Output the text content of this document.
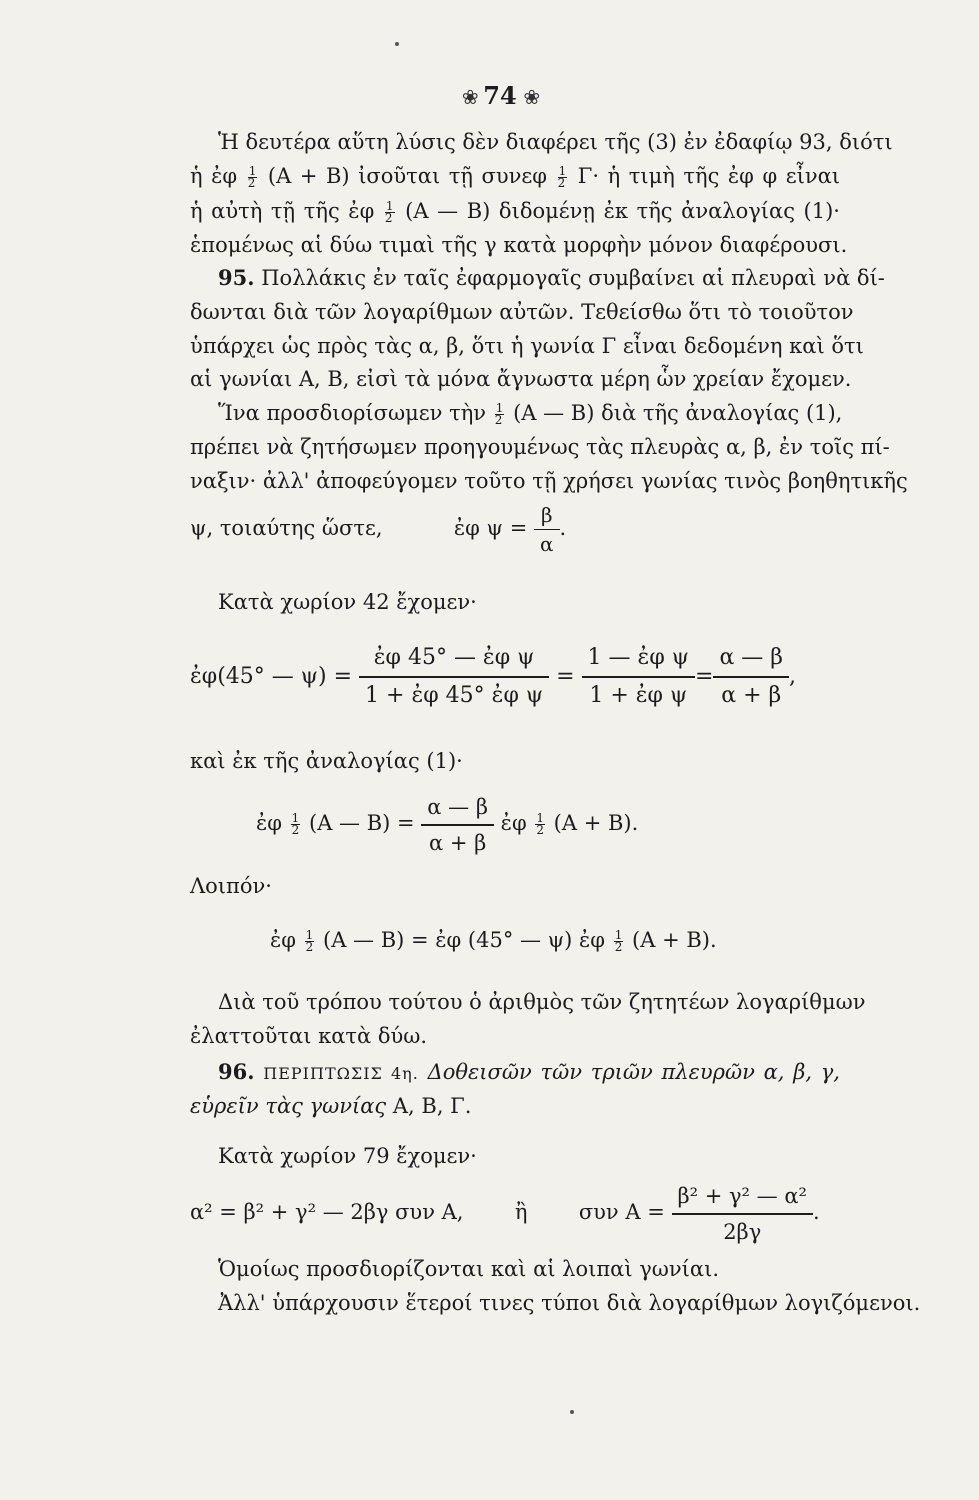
❀ 74 ❀
Ἡ δευτέρα αὕτη λύσις δὲν διαφέρει τῆς (3) ἐν ἐδαφίῳ 93, διότι
ἡ ἐφ $\frac{1}{2} (A + B)$ ἰσοῦται τῇ συνεφ $\frac{1}{2} \Gamma\cdot$ ἡ τιμὴ τῆς ἐφ φ εἶναι
ἡ αὐτὴ τῇ τῆς ἐφ $\frac{1}{2} (A$ — Β) διδομένῃ ἐκ τῆς ἀναλογίας (1)·
ἑπομένως αἱ δύω τιμαὶ τῆς γ κατὰ μορφὴν μόνον διαφέρουσι.
95. Πολλάκις ἐν ταῖς ἐφαρμογαῖς συμβαίνει αἱ πλευραὶ νὰ δί-
δωνται διὰ τῶν λογαρίθμων αὐτῶν. Τεθείσθω ὅτι τὸ τοιοῦτον
ὑπάρχει ὡς πρὸς τὰς α, β, ὅτι ἡ γωνία Γ εἶναι δεδομένη καὶ ὅτι
αἱ γωνίαι Α, Β, εἰσὶ τὰ μόνα ἄγνωστα μέρη ὧν χρείαν ἔχομεν.
Ἵνα προσδιορίσωμεν τὴν $\frac{1}{2} (A$ — Β) διὰ τῆς ἀναλογίας (1),
πρέπει νὰ ζητήσωμεν προηγουμένως τὰς πλευρὰς α, β, ἐν τοῖς πί-
ναξιν· ἀλλ' ἀποφεύγομεν τοῦτο τῇ χρήσει γωνίας τινὸς βοηθητικῆς
ψ, τοιαύτης ὥστε,	ἐφ $\psi = \frac{\beta}{\alpha}$ .
Κατὰ χωρίον 42 ἔχομεν·
ἐφ(45° — $\psi) = \frac{\text{ἐφ 45° — ἐφ ψ}}{\text{1 + ἐφ 45° ἐφ ψ}} = \frac{\text{1 — ἐφ ψ}}{\text{1 + ἐφ ψ}} = \frac{\alpha — \beta}{\alpha + \beta}$ ,
καὶ ἐκ τῆς ἀναλογίας (1)·
ἐφ $\frac{1}{2} (A$ — $B) = \frac{\alpha — \beta}{\alpha + \beta}$ ἐφ $\frac{1}{2} (A + B)$.
Λοιπόν·
ἐφ $\frac{1}{2} (A$ — Β) = ἐφ (45° — ψ) ἐφ $\frac{1}{2} (A + B)$.
Διὰ τοῦ τρόπου τούτου ὁ ἀριθμὸς τῶν ζητητέων λογαρίθμων
ἐλαττοῦται κατὰ δύω.
96. ΠΕΡΙΠΤΩΣΙΣ 4η. Δοθεισῶν τῶν τριῶν πλευρῶν α, β, γ,
εὑρεῖν τὰς γωνίας Α, Β, Γ.
Κατὰ χωρίον 79 ἔχομεν·
α² = β² + γ² — 2βγ συν Α, ἢ συν $A = \frac{\text{β² + γ² — α²}}{2\beta\gamma}$ .
Ὁμοίως προσδιορίζονται καὶ αἱ λοιπαὶ γωνίαι.
Ἀλλ' ὑπάρχουσιν ἕτεροί τινες τύποι διὰ λογαρίθμων λογιζόμενοι.
